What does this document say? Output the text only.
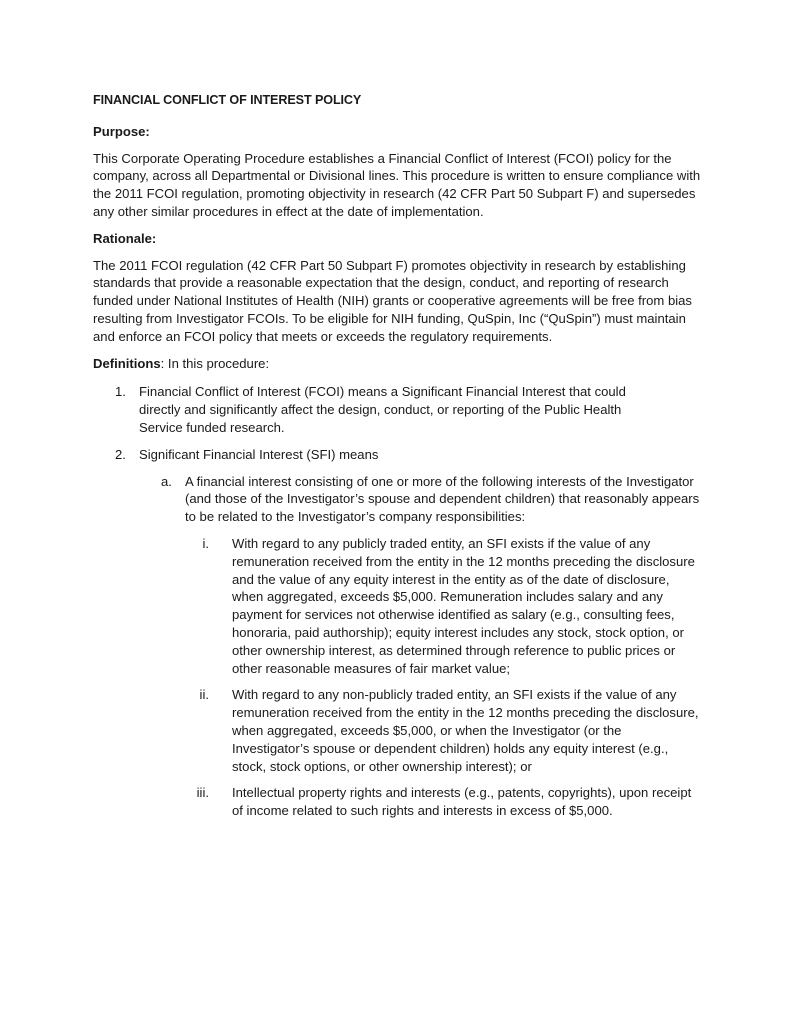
FINANCIAL CONFLICT OF INTEREST POLICY
Purpose:
This Corporate Operating Procedure establishes a Financial Conflict of Interest (FCOI) policy for the company, across all Departmental or Divisional lines. This procedure is written to ensure compliance with the 2011 FCOI regulation, promoting objectivity in research (42 CFR Part 50 Subpart F) and supersedes any other similar procedures in effect at the date of implementation.
Rationale:
The 2011 FCOI regulation (42 CFR Part 50 Subpart F) promotes objectivity in research by establishing standards that provide a reasonable expectation that the design, conduct, and reporting of research funded under National Institutes of Health (NIH) grants or cooperative agreements will be free from bias resulting from Investigator FCOIs. To be eligible for NIH funding, QuSpin, Inc (“QuSpin”) must maintain and enforce an FCOI policy that meets or exceeds the regulatory requirements.
Definitions: In this procedure:
1. Financial Conflict of Interest (FCOI) means a Significant Financial Interest that could directly and significantly affect the design, conduct, or reporting of the Public Health Service funded research.
2. Significant Financial Interest (SFI) means
a. A financial interest consisting of one or more of the following interests of the Investigator (and those of the Investigator’s spouse and dependent children) that reasonably appears to be related to the Investigator’s company responsibilities:
i. With regard to any publicly traded entity, an SFI exists if the value of any remuneration received from the entity in the 12 months preceding the disclosure and the value of any equity interest in the entity as of the date of disclosure, when aggregated, exceeds $5,000. Remuneration includes salary and any payment for services not otherwise identified as salary (e.g., consulting fees, honoraria, paid authorship); equity interest includes any stock, stock option, or other ownership interest, as determined through reference to public prices or other reasonable measures of fair market value;
ii. With regard to any non-publicly traded entity, an SFI exists if the value of any remuneration received from the entity in the 12 months preceding the disclosure, when aggregated, exceeds $5,000, or when the Investigator (or the Investigator’s spouse or dependent children) holds any equity interest (e.g., stock, stock options, or other ownership interest); or
iii. Intellectual property rights and interests (e.g., patents, copyrights), upon receipt of income related to such rights and interests in excess of $5,000.
